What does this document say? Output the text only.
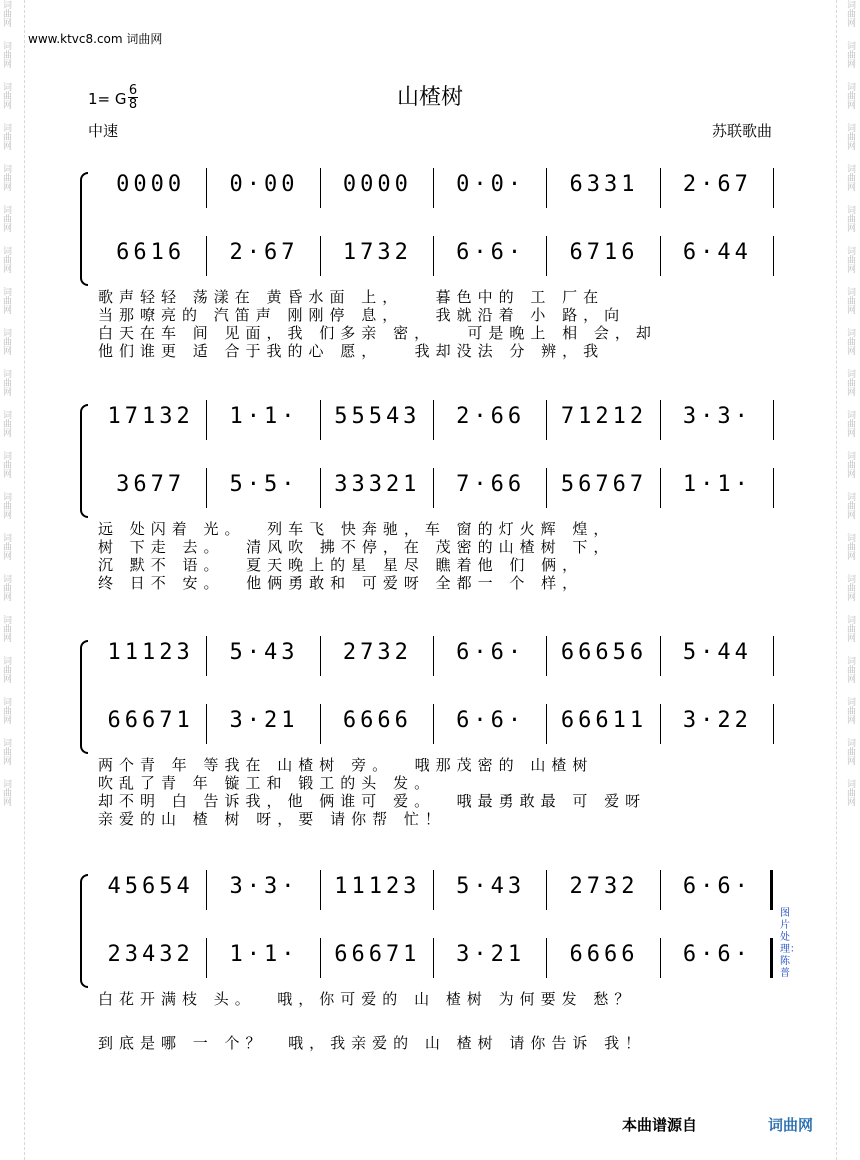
词曲网
词曲网
词曲网
词曲网
词曲网
词曲网
词曲网
词曲网
词曲网
词曲网
词曲网
词曲网
词曲网
词曲网
词曲网
词曲网
词曲网
词曲网
词曲网
词曲网
词曲网
词曲网
词曲网
词曲网
词曲网
词曲网
词曲网
词曲网
词曲网
词曲网
词曲网
词曲网
词曲网
词曲网
词曲网
词曲网
词曲网
词曲网
词曲网
词曲网
www.ktvc8.com 词曲网
山楂树
1= G 6
8
中速	苏联歌曲
0000	0·00	0000	0·0·	6331	2·67
6616	2·67	1732	6·6·	6716	6·44
歌声轻轻 荡漾在 黄昏水面 上，   暮色中的 工 厂在
当那嘹亮的 汽笛声 刚刚停 息，   我就沿着 小 路，向
白天在车 间 见面，我 们多亲 密，   可是晚上 相 会，却
他们谁更 适 合于我的心 愿，   我却没法 分 辨，我
17132	1·1·	55543	2·66	71212	3·3·
3677	5·5·	33321	7·66	56767	1·1·
远 处闪着 光。  列车飞 快奔驰，车 窗的灯火辉 煌，
树 下走 去。  清风吹 拂不停，在 茂密的山楂树 下，
沉 默不 语。  夏天晚上的星 星尽 瞧着他 们 俩，
终 日不 安。  他俩勇敢和 可爱呀 全都一 个 样，
11123	5·43	2732	6·6·	66656	5·44
66671	3·21	6666	6·6·	66611	3·22
两个青 年 等我在 山楂树 旁。  哦那茂密的 山楂树
吹乱了青 年 镟工和 锻工的头 发。
却不明 白 告诉我，他 俩谁可 爱。  哦最勇敢最 可 爱呀
亲爱的山 楂 树 呀，要 请你帮 忙！
45654	3·3·	11123	5·43	2732	6·6·
23432	1·1·	66671	3·21	6666	6·6·
白花开满枝 头。  哦，你可爱的 山 楂树 为何要发 愁？
到底是哪 一 个？  哦，我亲爱的 山 楂树 请你告诉 我！
图片处理：陈普
本曲谱源自	词曲网
